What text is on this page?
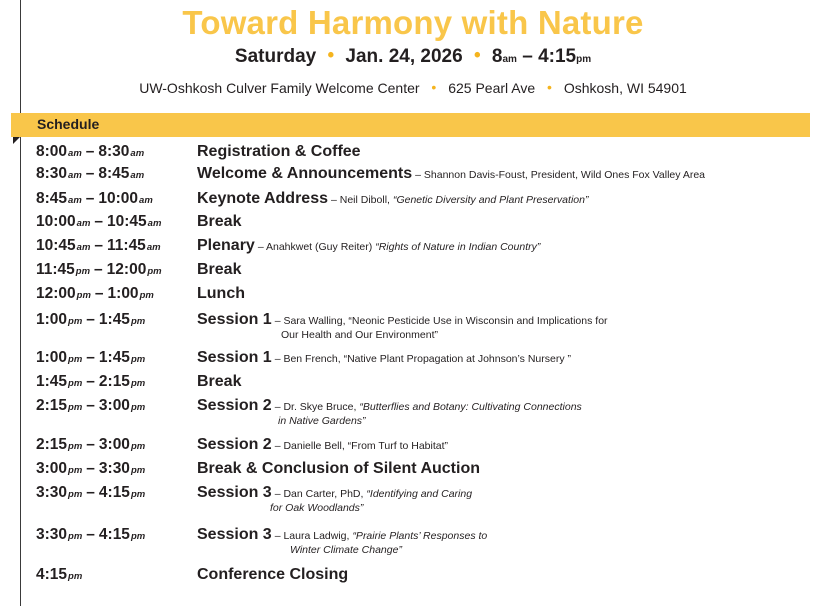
Toward Harmony with Nature
Saturday • Jan. 24, 2026 • 8am – 4:15pm
UW-Oshkosh Culver Family Welcome Center • 625 Pearl Ave • Oshkosh, WI 54901
Schedule
8:00am – 8:30am	Registration & Coffee
8:30am – 8:45am	Welcome & Announcements – Shannon Davis-Foust, President, Wild Ones Fox Valley Area
8:45am – 10:00am	Keynote Address – Neil Diboll, “Genetic Diversity and Plant Preservation”
10:00am – 10:45am Break
10:45am – 11:45am Plenary – Anahkwet (Guy Reiter) “Rights of Nature in Indian Country”
11:45pm – 12:00pm Break
12:00pm – 1:00pm	Lunch
1:00pm – 1:45pm	Session 1 – Sara Walling, “Neonic Pesticide Use in Wisconsin and Implications for
Our Health and Our Environment”
1:00pm – 1:45pm	Session 1 – Ben French, “Native Plant Propagation at Johnson’s Nursery ”
1:45pm – 2:15pm	Break
2:15pm – 3:00pm	Session 2 – Dr. Skye Bruce, “Butterflies and Botany: Cultivating Connections
in Native Gardens”
2:15pm – 3:00pm	Session 2 – Danielle Bell, “From Turf to Habitat”
3:00pm – 3:30pm	Break & Conclusion of Silent Auction
3:30pm – 4:15pm	Session 3 – Dan Carter, PhD, “Identifying and Caring
for Oak Woodlands”
3:30pm – 4:15pm	Session 3 – Laura Ladwig, “Prairie Plants’ Responses to
Winter Climate Change”
4:15pm	Conference Closing
